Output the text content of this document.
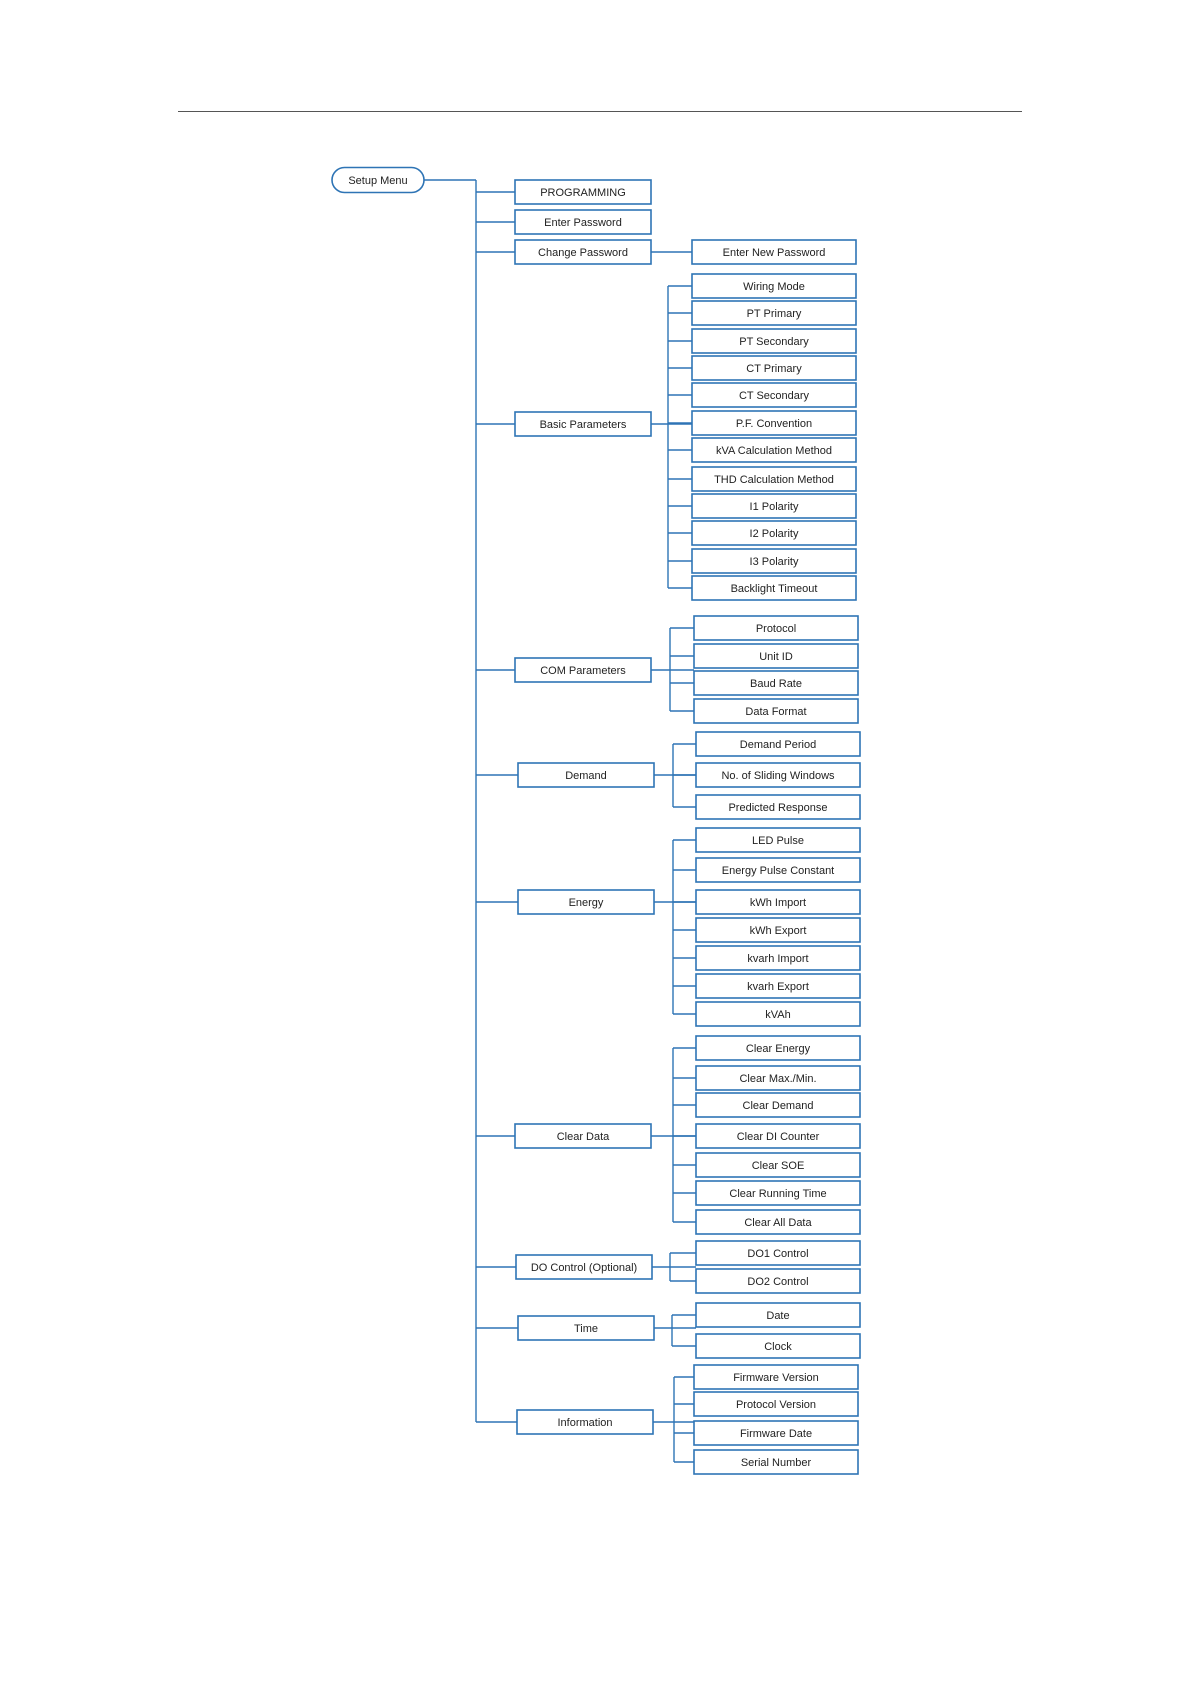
PROGRAMMING
Enter Password
Change Password	Enter New Password
Basic Parameters
Wiring Mode
PT Primary
PT Secondary
CT Primary
CT Secondary
P.F. Convention
kVA Calculation Method
THD Calculation Method
I1 Polarity
I2 Polarity
I3 Polarity
Backlight Timeout
COM Parameters
Protocol
Unit ID
Baud Rate
Data Format
Demand
Demand Period
No. of Sliding Windows
Predicted Response
Energy
LED Pulse
Energy Pulse Constant
kWh Import
kWh Export
kvarh Import
kvarh Export
kVAh
Clear Data
Clear Energy
Clear Max./Min.
Clear Demand
Clear DI Counter
Clear SOE
Clear Running Time
Clear All Data
DO Control (Optional)
DO1 Control
DO2 Control
Time
Date
Clock
Information
Firmware Version
Protocol Version
Firmware Date
Serial Number
Setup Menu
